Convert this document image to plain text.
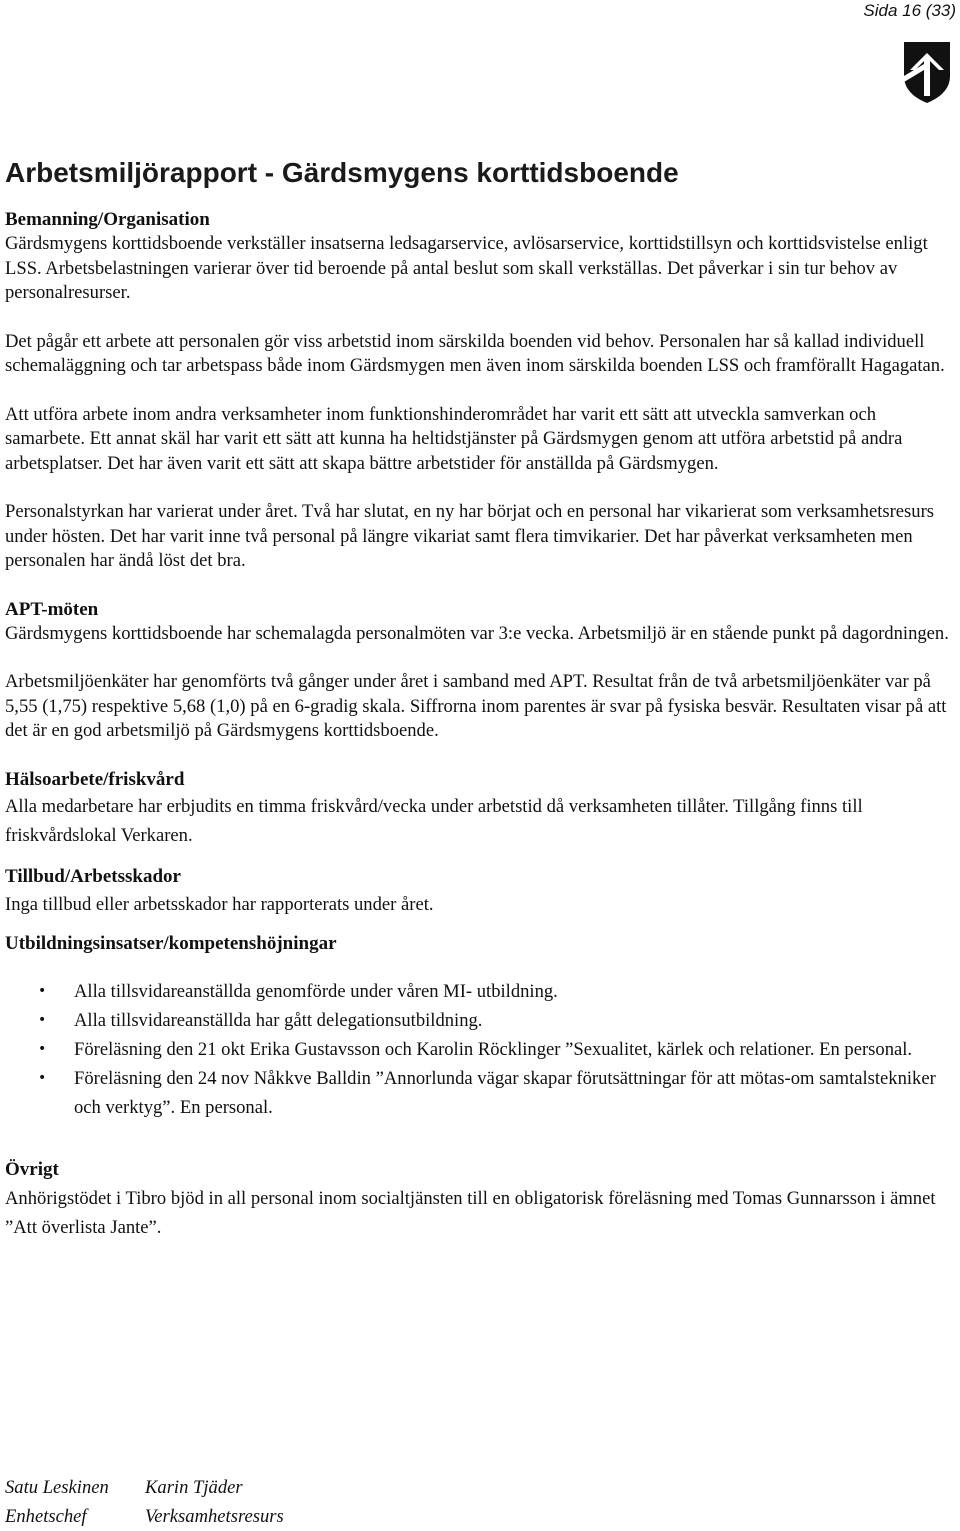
Sida 16 (33)
Arbetsmiljörapport - Gärdsmygens korttidsboende
Bemanning/Organisation

Gärdsmygens korttidsboende verkställer insatserna ledsagarservice, avlösarservice, korttidstillsyn och korttidsvistelse enligt LSS. Arbetsbelastningen varierar över tid beroende på antal beslut som skall verkställas. Det påverkar i sin tur behov av personalresurser.

Det pågår ett arbete att personalen gör viss arbetstid inom särskilda boenden vid behov. Personalen har så kallad individuell schemaläggning och tar arbetspass både inom Gärdsmygen men även inom särskilda boenden LSS och framförallt Hagagatan.

Att utföra arbete inom andra verksamheter inom funktionshinderområdet har varit ett sätt att utveckla samverkan och samarbete. Ett annat skäl har varit ett sätt att kunna ha heltidstjänster på Gärdsmygen genom att utföra arbetstid på andra arbetsplatser. Det har även varit ett sätt att skapa bättre arbetstider för anställda på Gärdsmygen.

Personalstyrkan har varierat under året. Två har slutat, en ny har börjat och en personal har vikarierat som verksamhetsresurs under hösten. Det har varit inne två personal på längre vikariat samt flera timvikarier. Det har påverkat verksamheten men personalen har ändå löst det bra.

APT-möten

Gärdsmygens korttidsboende har schemalagda personalmöten var 3:e vecka. Arbetsmiljö är en stående punkt på dagordningen.

Arbetsmiljöenkäter har genomförts två gånger under året i samband med APT. Resultat från de två arbetsmiljöenkäter var på 5,55 (1,75) respektive 5,68 (1,0) på en 6-gradig skala. Siffrorna inom parentes är svar på fysiska besvär. Resultaten visar på att det är en god arbetsmiljö på Gärdsmygens korttidsboende.

Hälsoarbete/friskvård

Alla medarbetare har erbjudits en timma friskvård/vecka under arbetstid då verksamheten tillåter. Tillgång finns till friskvårdslokal Verkaren.

Tillbud/Arbetsskador

Inga tillbud eller arbetsskador har rapporterats under året.

Utbildningsinsatser/kompetenshöjningar
• Alla tillsvidareanställda genomförde under våren MI- utbildning.
• Alla tillsvidareanställda har gått delegationsutbildning.
• Föreläsning den 21 okt Erika Gustavsson och Karolin Röcklinger ”Sexualitet, kärlek och relationer. En personal.
• Föreläsning den 24 nov Nåkkve Balldin ”Annorlunda vägar skapar förutsättningar för att mötas-om samtalstekniker och verktyg”. En personal.
Övrigt

Anhörigstödet i Tibro bjöd in all personal inom socialtjänsten till en obligatorisk föreläsning med Tomas Gunnarsson i ämnet ”Att överlista Jante”.

Satu Leskinen
Enhetschef
Karin Tjäder
Verksamhetsresurs
